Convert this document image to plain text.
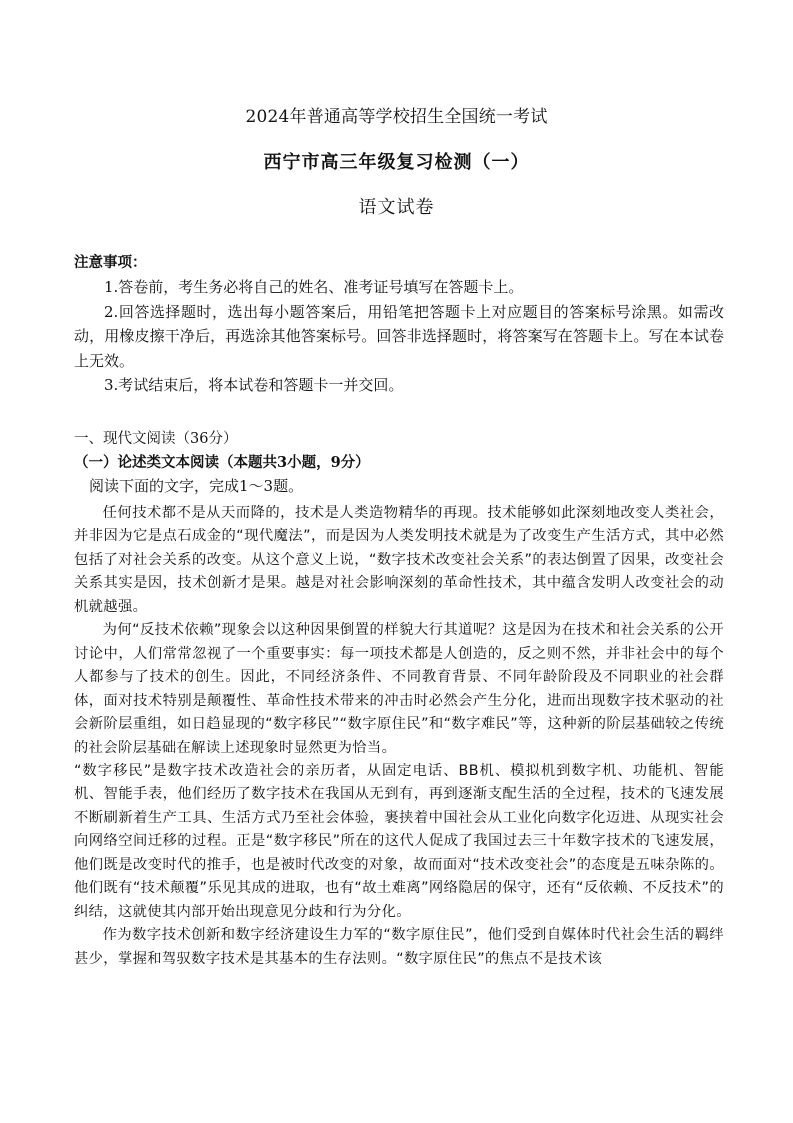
2024年普通高等学校招生全国统一考试
西宁市高三年级复习检测（一）
语文试卷
注意事项：

1.答卷前，考生务必将自己的姓名、准考证号填写在答题卡上。

2.回答选择题时，选出每小题答案后，用铅笔把答题卡上对应题目的答案标号涂黑。如需改动，用橡皮擦干净后，再选涂其他答案标号。回答非选择题时，将答案写在答题卡上。写在本试卷上无效。

3.考试结束后，将本试卷和答题卡一并交回。

一、现代文阅读（36分）
（一）论述类文本阅读（本题共3小题，9分）
阅读下面的文字，完成1～3题。

任何技术都不是从天而降的，技术是人类造物精华的再现。技术能够如此深刻地改变人类社会，并非因为它是点石成金的“现代魔法”，而是因为人类发明技术就是为了改变生产生活方式，其中必然包括了对社会关系的改变。从这个意义上说，“数字技术改变社会关系”的表达倒置了因果，改变社会关系其实是因，技术创新才是果。越是对社会影响深刻的革命性技术，其中蕴含发明人改变社会的动机就越强。

为何“反技术依赖”现象会以这种因果倒置的样貌大行其道呢？这是因为在技术和社会关系的公开讨论中，人们常常忽视了一个重要事实：每一项技术都是人创造的，反之则不然，并非社会中的每个人都参与了技术的创生。因此，不同经济条件、不同教育背景、不同年龄阶段及不同职业的社会群体，面对技术特别是颠覆性、革命性技术带来的冲击时必然会产生分化，进而出现数字技术驱动的社会新阶层重组，如日趋显现的“数字移民”“数字原住民”和“数字难民”等，这种新的阶层基础较之传统的社会阶层基础在解读上述现象时显然更为恰当。

“数字移民”是数字技术改造社会的亲历者，从固定电话、BB机、模拟机到数字机、功能机、智能机、智能手表，他们经历了数字技术在我国从无到有，再到逐渐支配生活的全过程，技术的飞速发展不断刷新着生产工具、生活方式乃至社会体验，裹挟着中国社会从工业化向数字化迈进、从现实社会向网络空间迁移的过程。正是“数字移民”所在的这代人促成了我国过去三十年数字技术的飞速发展，他们既是改变时代的推手，也是被时代改变的对象，故而面对“技术改变社会”的态度是五味杂陈的。他们既有“技术颠覆”乐见其成的进取，也有“故土难离”网络隐居的保守，还有“反依赖、不反技术”的纠结，这就使其内部开始出现意见分歧和行为分化。

作为数字技术创新和数字经济建设生力军的“数字原住民”，他们受到自媒体时代社会生活的羁绊甚少，掌握和驾驭数字技术是其基本的生存法则。“数字原住民”的焦点不是技术该
